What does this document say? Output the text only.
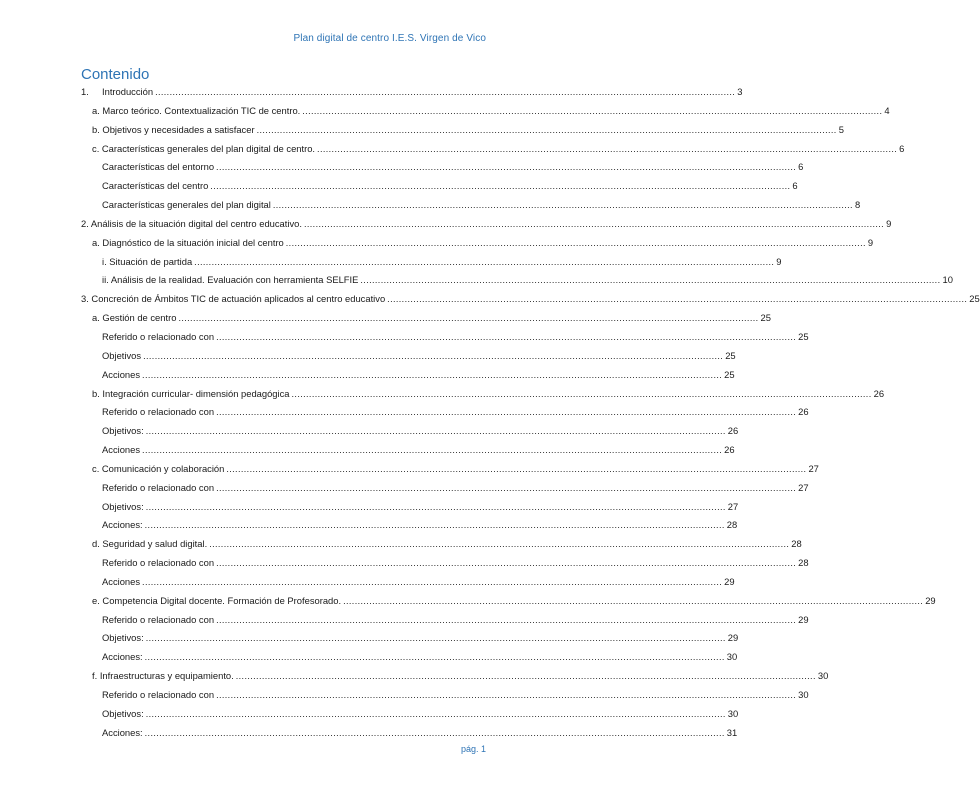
Plan digital de centro I.E.S. Virgen de Vico
Contenido
1.	Introducción ........................................................................................................................................................................................................ 3
a. Marco teórico. Contextualización TIC de centro. ........................................................................................................................................................................................................ 4
b. Objetivos y necesidades a satisfacer ........................................................................................................................................................................................................ 5
c. Características generales del plan digital de centro. ........................................................................................................................................................................................................ 6
Características del entorno ........................................................................................................................................................................................................ 6
Características del centro ........................................................................................................................................................................................................ 6
Características generales del plan digital ........................................................................................................................................................................................................ 8
2. Análisis de la situación digital del centro educativo. ........................................................................................................................................................................................................ 9
a. Diagnóstico de la situación inicial del centro ........................................................................................................................................................................................................ 9
i. Situación de partida ........................................................................................................................................................................................................ 9
ii. Análisis de la realidad. Evaluación con herramienta SELFIE ........................................................................................................................................................................................................ 10
3. Concreción de Ámbitos TIC de actuación aplicados al centro educativo ........................................................................................................................................................................................................ 25
a. Gestión de centro ........................................................................................................................................................................................................ 25
Referido o relacionado con ........................................................................................................................................................................................................ 25
Objetivos ........................................................................................................................................................................................................ 25
Acciones ........................................................................................................................................................................................................ 25
b. Integración curricular- dimensión pedagógica ........................................................................................................................................................................................................ 26
Referido o relacionado con ........................................................................................................................................................................................................ 26
Objetivos: ........................................................................................................................................................................................................ 26
Acciones ........................................................................................................................................................................................................ 26
c. Comunicación y colaboración ........................................................................................................................................................................................................ 27
Referido o relacionado con ........................................................................................................................................................................................................ 27
Objetivos: ........................................................................................................................................................................................................ 27
Acciones: ........................................................................................................................................................................................................ 28
d. Seguridad y salud digital. ........................................................................................................................................................................................................ 28
Referido o relacionado con ........................................................................................................................................................................................................ 28
Acciones ........................................................................................................................................................................................................ 29
e. Competencia Digital docente. Formación de Profesorado. ........................................................................................................................................................................................................ 29
Referido o relacionado con ........................................................................................................................................................................................................ 29
Objetivos: ........................................................................................................................................................................................................ 29
Acciones: ........................................................................................................................................................................................................ 30
f. Infraestructuras y equipamiento. ........................................................................................................................................................................................................ 30
Referido o relacionado con ........................................................................................................................................................................................................ 30
Objetivos: ........................................................................................................................................................................................................ 30
Acciones: ........................................................................................................................................................................................................ 31
pág. 1
